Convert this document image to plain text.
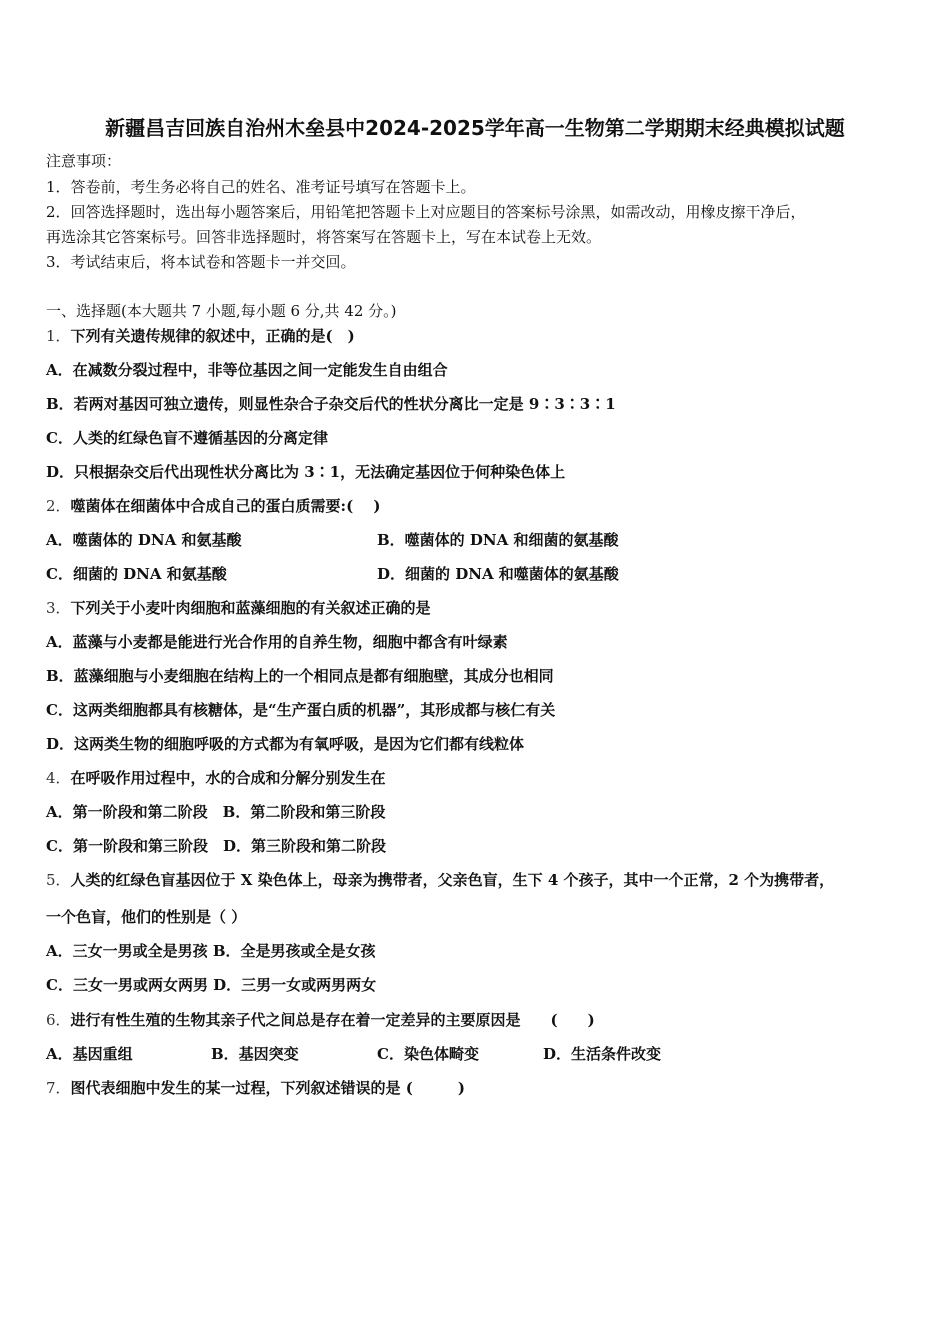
新疆昌吉回族自治州木垒县中2024-2025学年高一生物第二学期期末经典模拟试题
注意事项：
1．答卷前，考生务必将自己的姓名、准考证号填写在答题卡上。
2．回答选择题时，选出每小题答案后，用铅笔把答题卡上对应题目的答案标号涂黑，如需改动，用橡皮擦干净后，
再选涂其它答案标号。回答非选择题时，将答案写在答题卡上，写在本试卷上无效。
3．考试结束后，将本试卷和答题卡一并交回。
一、选择题(本大题共 7 小题,每小题 6 分,共 42 分。)
1．下列有关遗传规律的叙述中，正确的是(　)
A．在减数分裂过程中，非等位基因之间一定能发生自由组合
B．若两对基因可独立遗传，则显性杂合子杂交后代的性状分离比一定是 9∶3∶3∶1
C．人类的红绿色盲不遵循基因的分离定律
D．只根据杂交后代出现性状分离比为 3∶1，无法确定基因位于何种染色体上
2．噬菌体在细菌体中合成自己的蛋白质需要:(　 )
A．噬菌体的 DNA 和氨基酸	B．噬菌体的 DNA 和细菌的氨基酸
C．细菌的 DNA 和氨基酸	D．细菌的 DNA 和噬菌体的氨基酸
3．下列关于小麦叶肉细胞和蓝藻细胞的有关叙述正确的是
A．蓝藻与小麦都是能进行光合作用的自养生物，细胞中都含有叶绿素
B．蓝藻细胞与小麦细胞在结构上的一个相同点是都有细胞壁，其成分也相同
C．这两类细胞都具有核糖体，是“生产蛋白质的机器”，其形成都与核仁有关
D．这两类生物的细胞呼吸的方式都为有氧呼吸，是因为它们都有线粒体
4．在呼吸作用过程中，水的合成和分解分别发生在
A．第一阶段和第二阶段　B．第二阶段和第三阶段
C．第一阶段和第三阶段　D．第三阶段和第二阶段
5．人类的红绿色盲基因位于 X 染色体上，母亲为携带者，父亲色盲，生下 4 个孩子，其中一个正常，2 个为携带者，
一个色盲，他们的性别是（ ）
A．三女一男或全是男孩 B．全是男孩或全是女孩
C．三女一男或两女两男 D．三男一女或两男两女
6．进行有性生殖的生物其亲子代之间总是存在着一定差异的主要原因是　　(　　)
A．基因重组	B．基因突变	C．染色体畸变	D．生活条件改变
7．图代表细胞中发生的某一过程，下列叙述错误的是 (　　　)
